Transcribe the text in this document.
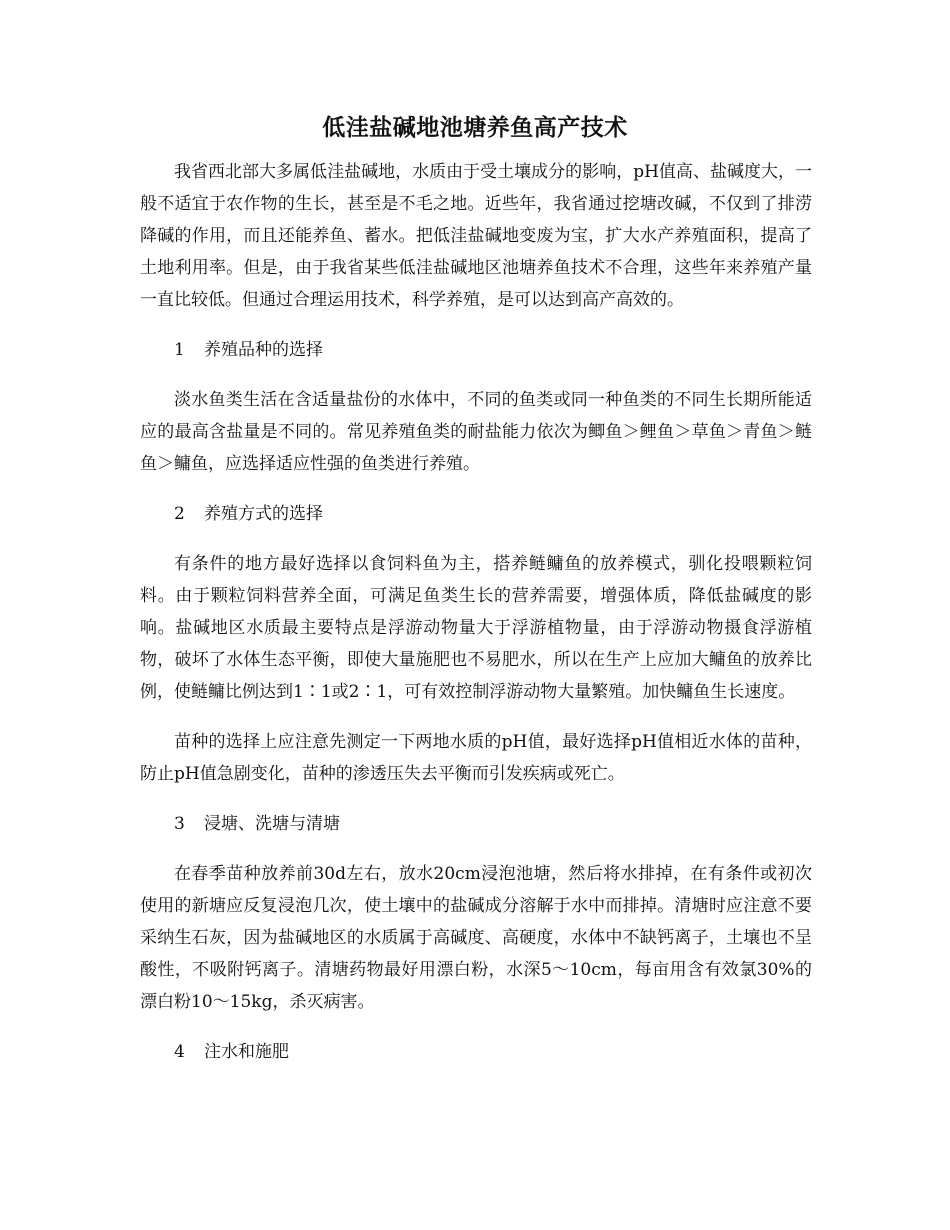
低洼盐碱地池塘养鱼高产技术

我省西北部大多属低洼盐碱地，水质由于受土壤成分的影响，pH值高、盐碱度大，一般不适宜于农作物的生长，甚至是不毛之地。近些年，我省通过挖塘改碱，不仅到了排涝降碱的作用，而且还能养鱼、蓄水。把低洼盐碱地变废为宝，扩大水产养殖面积，提高了土地利用率。但是，由于我省某些低洼盐碱地区池塘养鱼技术不合理，这些年来养殖产量一直比较低。但通过合理运用技术，科学养殖，是可以达到高产高效的。

1 养殖品种的选择

淡水鱼类生活在含适量盐份的水体中，不同的鱼类或同一种鱼类的不同生长期所能适应的最高含盐量是不同的。常见养殖鱼类的耐盐能力依次为鲫鱼＞鲤鱼＞草鱼＞青鱼＞鲢鱼＞鳙鱼，应选择适应性强的鱼类进行养殖。

2 养殖方式的选择

有条件的地方最好选择以食饲料鱼为主，搭养鲢鳙鱼的放养模式，驯化投喂颗粒饲料。由于颗粒饲料营养全面，可满足鱼类生长的营养需要，增强体质，降低盐碱度的影响。盐碱地区水质最主要特点是浮游动物量大于浮游植物量，由于浮游动物摄食浮游植物，破坏了水体生态平衡，即使大量施肥也不易肥水，所以在生产上应加大鳙鱼的放养比例，使鲢鳙比例达到1∶1或2∶1，可有效控制浮游动物大量繁殖。加快鳙鱼生长速度。

苗种的选择上应注意先测定一下两地水质的pH值，最好选择pH值相近水体的苗种，防止pH值急剧变化，苗种的渗透压失去平衡而引发疾病或死亡。

3 浸塘、洗塘与清塘

在春季苗种放养前30d左右，放水20cm浸泡池塘，然后将水排掉，在有条件或初次使用的新塘应反复浸泡几次，使土壤中的盐碱成分溶解于水中而排掉。清塘时应注意不要采纳生石灰，因为盐碱地区的水质属于高碱度、高硬度，水体中不缺钙离子，土壤也不呈酸性，不吸附钙离子。清塘药物最好用漂白粉，水深5～10cm，每亩用含有效氯30%的漂白粉10～15kg，杀灭病害。

4 注水和施肥
